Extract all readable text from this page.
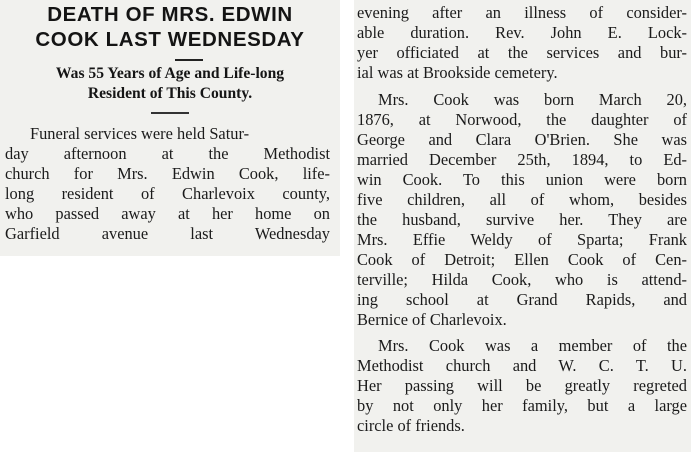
DEATH OF MRS. EDWIN
COOK LAST WEDNESDAY
Was 55 Years of Age and Life-long
Resident of This County.

Funeral services were held Satur-

day afternoon at the Methodist

church for Mrs. Edwin Cook, life-

long resident of Charlevoix county,

who passed away at her home on

Garfield avenue last Wednesday

evening after an illness of consider-

able duration. Rev. John E. Lock-

yer officiated at the services and bur-

ial was at Brookside cemetery.

Mrs. Cook was born March 20,

1876, at Norwood, the daughter of

George and Clara O'Brien. She was

married December 25th, 1894, to Ed-

win Cook. To this union were born

five children, all of whom, besides

the husband, survive her. They are

Mrs. Effie Weldy of Sparta; Frank

Cook of Detroit; Ellen Cook of Cen-

terville; Hilda Cook, who is attend-

ing school at Grand Rapids, and

Bernice of Charlevoix.

Mrs. Cook was a member of the

Methodist church and W. C. T. U.

Her passing will be greatly regreted

by not only her family, but a large

circle of friends.
